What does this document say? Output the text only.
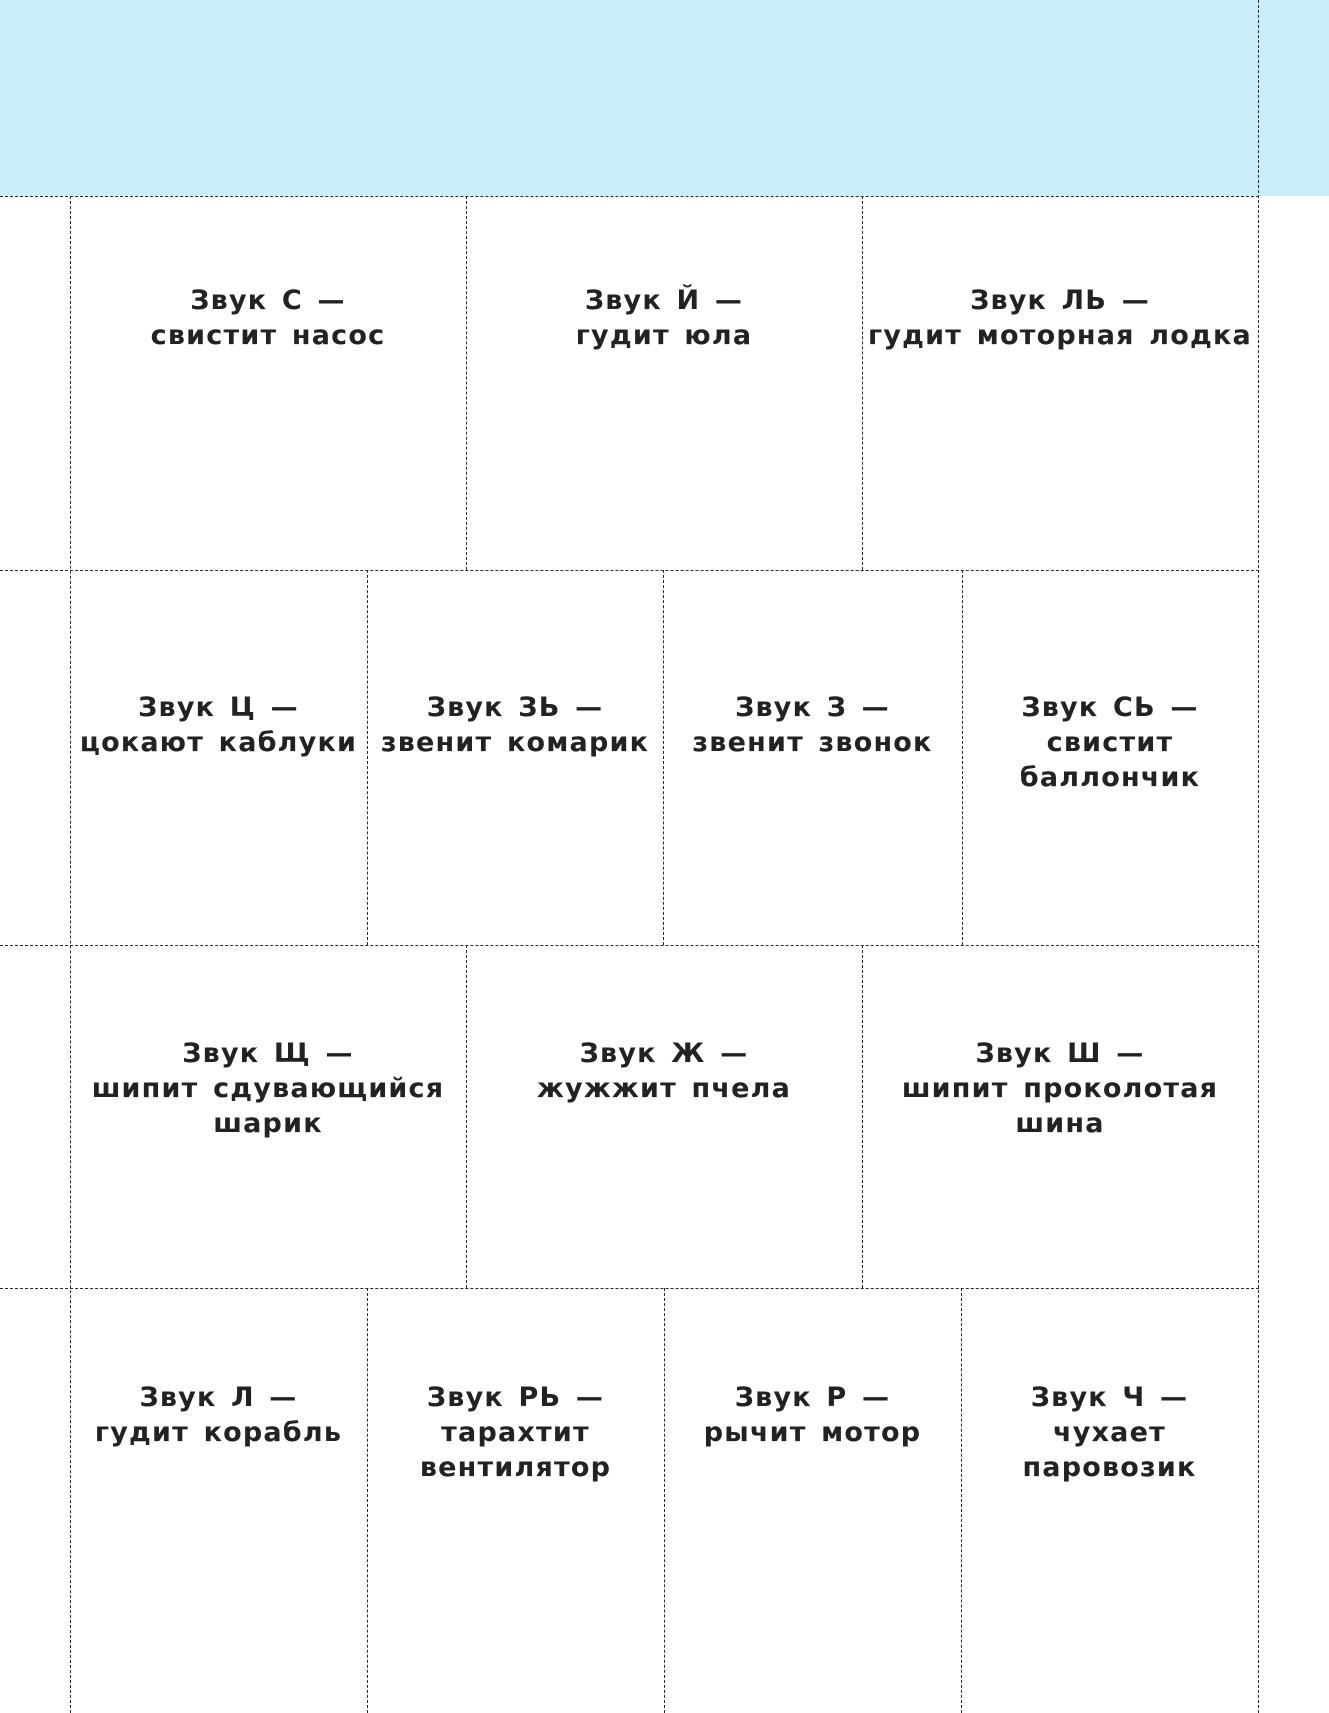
Звук С —
свистит насос
Звук Й —
гудит юла
Звук ЛЬ —
гудит моторная лодка
Звук Ц —
цокают каблуки
Звук ЗЬ —
звенит комарик
Звук З —
звенит звонок
Звук СЬ —
свистит
баллончик
Звук Щ —
шипит сдувающийся
шарик
Звук Ж —
жужжит пчела
Звук Ш —
шипит проколотая
шина
Звук Л —
гудит корабль
Звук РЬ —
тарахтит
вентилятор
Звук Р —
рычит мотор
Звук Ч —
чухает
паровозик
